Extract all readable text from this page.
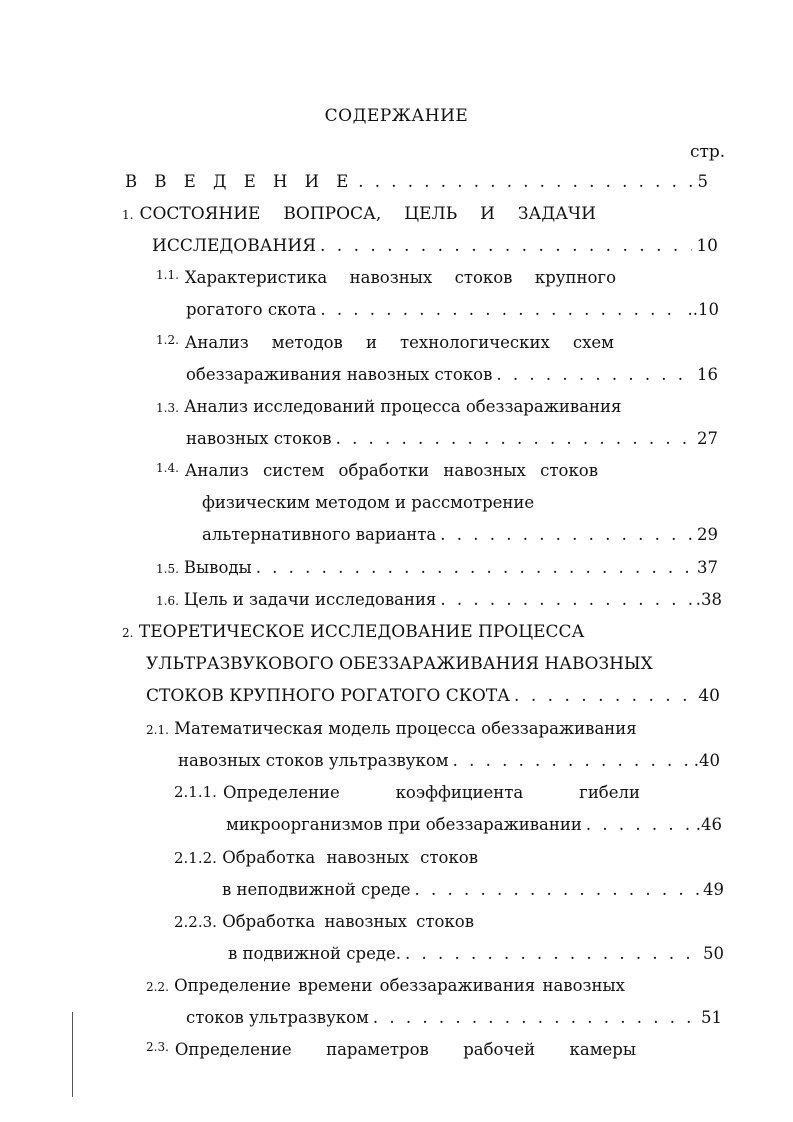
СОДЕРЖАНИЕ
стр.
В В Е Д Е Н И Е . . .	5
1. СОСТОЯНИЕ ВОПРОСА, ЦЕЛЬ И ЗАДАЧИ
ИССЛЕДОВАНИЯ . . .	10
1.1. Характеристика навозных стоков крупного
рогатого скота . . .	..10
1.2. Анализ методов и технологических схем
обеззараживания навозных стоков . . .	16
1.3. Анализ исследований процесса обеззараживания
навозных стоков . . .	27
1.4. Анализ систем обработки навозных стоков
физическим методом и рассмотрение
альтернативного варианта . . .	29
1.5. Выводы . . .	37
1.6. Цель и задачи исследования . . .	.38
2. ТЕОРЕТИЧЕСКОЕ ИССЛЕДОВАНИЕ ПРОЦЕССА
УЛЬТРАЗВУКОВОГО ОБЕЗЗАРАЖИВАНИЯ НАВОЗНЫХ
СТОКОВ КРУПНОГО РОГАТОГО СКОТА . . .	40
2.1. Математическая модель процесса обеззараживания
навозных стоков ультразвуком . . .	.40
2.1.1. Определение коэффициента гибели
микроорганизмов при обеззараживании . . .	.46
2.1.2. Обработка навозных стоков
в неподвижной среде . . .	49
2.2.3. Обработка навозных стоков
в подвижной среде. . . .	50
2.2. Определение времени обеззараживания навозных
стоков ультразвуком . . .	51
2.3. Определение параметров рабочей камеры
